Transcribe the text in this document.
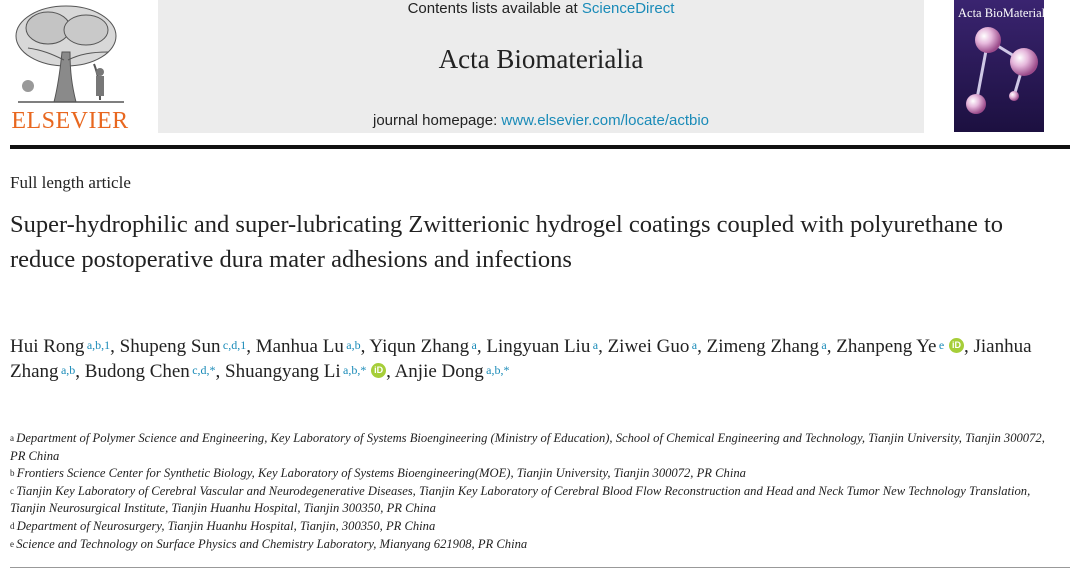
ELSEVIER
Contents lists available at ScienceDirect
Acta Biomaterialia
journal homepage: www.elsevier.com/locate/actbio
Acta BioMaterialia
Full length article
Super-hydrophilic and super-lubricating Zwitterionic hydrogel coatings coupled with polyurethane to reduce postoperative dura mater adhesions and infections

Hui Rong $^{a,b,1}$, Shupeng Sun $^{c,d,1}$, Manhua Lu $^{a,b}$, Yiqun Zhang $^a$, Lingyuan Liu $^a$, Ziwei Guo $^a$, Zimeng Zhang $^a$, Zhanpeng Ye $^e$ iD , Jianhua Zhang $^{a,b}$, Budong Chen $^{c,d,*}$, Shuangyang Li $^{a,b,*}$ iD , Anjie Dong $^{a,b,*}$

$^a$ Department of Polymer Science and Engineering, Key Laboratory of Systems Bioengineering (Ministry of Education), School of Chemical Engineering and Technology, Tianjin University, Tianjin 300072, PR China
$^b$ Frontiers Science Center for Synthetic Biology, Key Laboratory of Systems Bioengineering(MOE), Tianjin University, Tianjin 300072, PR China
$^c$ Tianjin Key Laboratory of Cerebral Vascular and Neurodegenerative Diseases, Tianjin Key Laboratory of Cerebral Blood Flow Reconstruction and Head and Neck Tumor New Technology Translation, Tianjin Neurosurgical Institute, Tianjin Huanhu Hospital, Tianjin 300350, PR China
$^d$ Department of Neurosurgery, Tianjin Huanhu Hospital, Tianjin, 300350, PR China
$^e$ Science and Technology on Surface Physics and Chemistry Laboratory, Mianyang 621908, PR China
